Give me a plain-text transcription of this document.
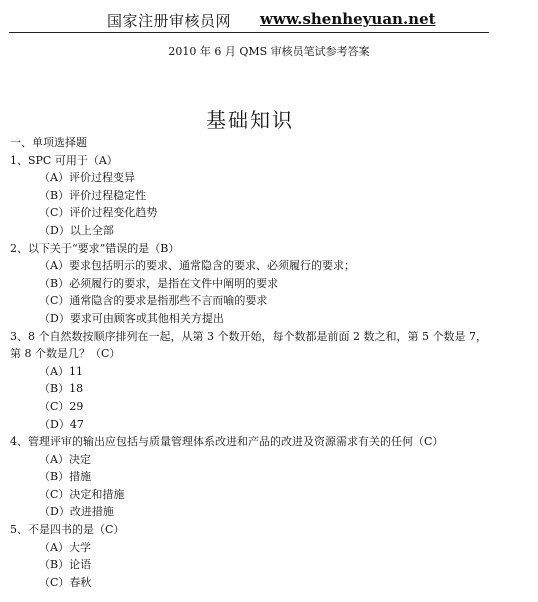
国家注册审核员网 www.shenheyuan.net
2010 年 6 月 QMS 审核员笔试参考答案
基础知识
一、单项选择题
1、SPC 可用于（A）
（A）评价过程变异
（B）评价过程稳定性
（C）评价过程变化趋势
（D）以上全部
2、以下关于“要求”错误的是（B）
（A）要求包括明示的要求、通常隐含的要求、必须履行的要求；
（B）必须履行的要求，是指在文件中阐明的要求
（C）通常隐含的要求是指那些不言而喻的要求
（D）要求可由顾客或其他相关方提出
3、8 个自然数按顺序排列在一起，从第 3 个数开始，每个数都是前面 2 数之和，第 5 个数是 7，第 8 个数是几？（C）
（A）11
（B）18
（C）29
（D）47
4、管理评审的输出应包括与质量管理体系改进和产品的改进及资源需求有关的任何（C）
（A）决定
（B）措施
（C）决定和措施
（D）改进措施
5、不是四书的是（C）
（A）大学
（B）论语
（C）春秋
